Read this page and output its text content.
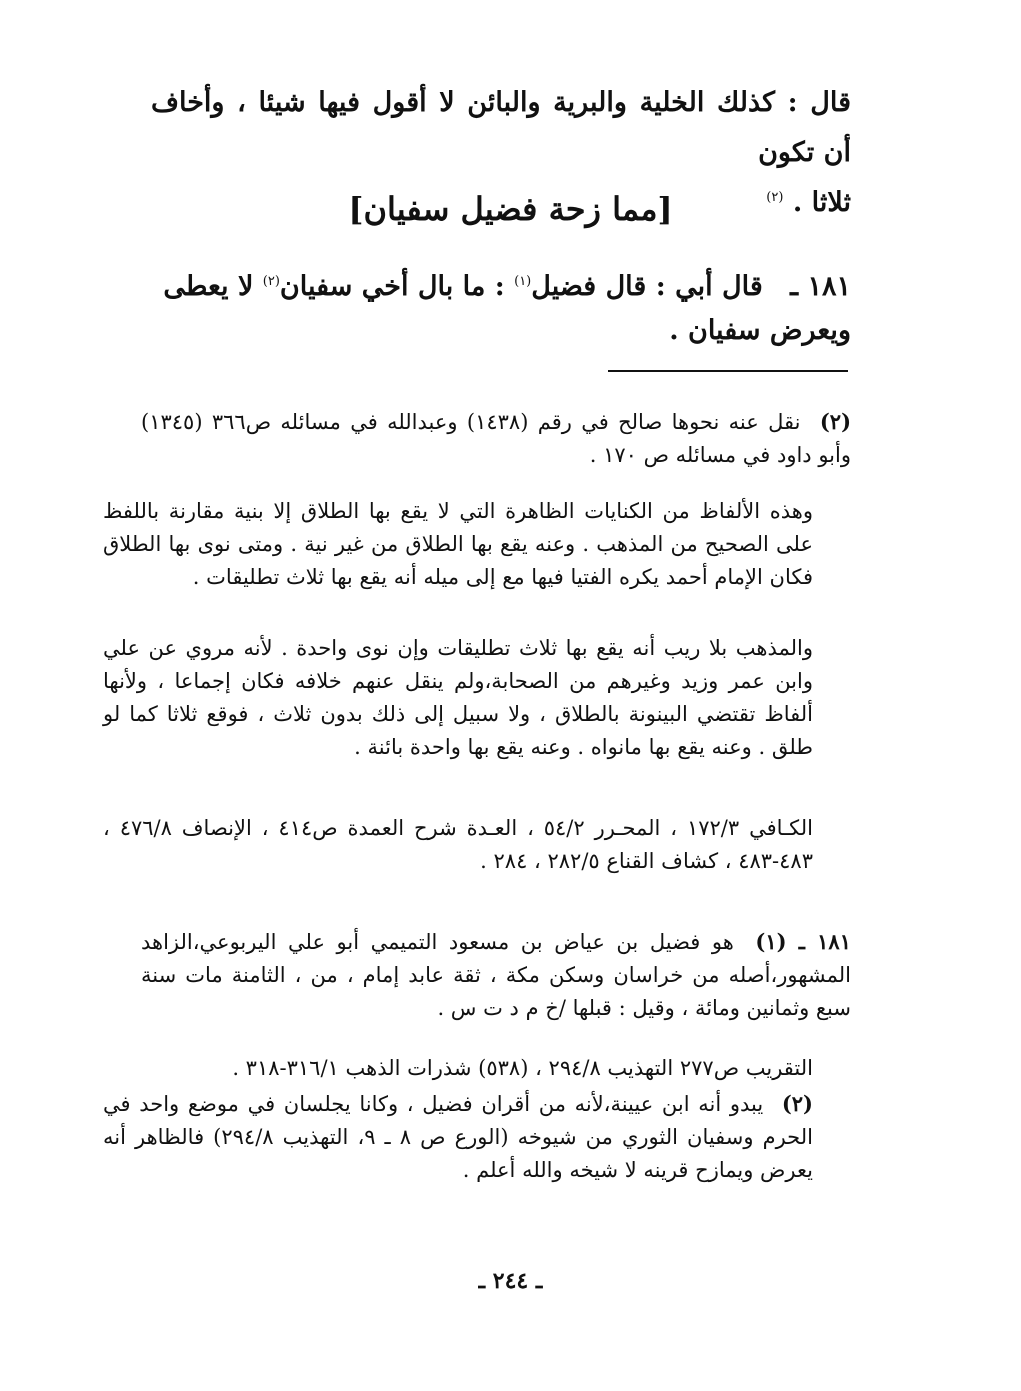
قال : كذلك الخلية والبرية والبائن لا أقول فيها شيئا ، وأخاف أن تكون
ثلاثا . $^{(٢)}$
[مما زحة فضيل سفيان]
١٨١ ـ قال أبي : قال فضيل$^{(١)}$ : ما بال أخي سفيان$^{(٢)}$ لا يعطى ويعرض سفيان .

(٢) نقل عنه نحوها صالح في رقم (١٤٣٨) وعبدالله في مسائله ص٣٦٦ (١٣٤٥) وأبو داود في مسائله ص ١٧٠ .

وهذه الألفاظ من الكنايات الظاهرة التي لا يقع بها الطلاق إلا بنية مقارنة باللفظ على الصحيح من المذهب . وعنه يقع بها الطلاق من غير نية . ومتى نوى بها الطلاق فكان الإمام أحمد يكره الفتيا فيها مع إلى ميله أنه يقع بها ثلاث تطليقات .

والمذهب بلا ريب أنه يقع بها ثلاث تطليقات وإن نوى واحدة . لأنه مروي عن علي وابن عمر وزيد وغيرهم من الصحابة،ولم ينقل عنهم خلافه فكان إجماعا ، ولأنها ألفاظ تقتضي البينونة بالطلاق ، ولا سبيل إلى ذلك بدون ثلاث ، فوقع ثلاثا كما لو طلق . وعنه يقع بها مانواه . وعنه يقع بها واحدة بائنة .

الكـافي ١٧٢/٣ ، المحـرر ٥٤/٢ ، العـدة شرح العمدة ص٤١٤ ، الإنصاف ٤٧٦/٨ ، ٤٨٣-٤٨٣ ، كشاف القناع ٢٨٢/٥ ، ٢٨٤ .

١٨١ ـ (١) هو فضيل بن عياض بن مسعود التميمي أبو علي اليربوعي،الزاهد المشهور،أصله من خراسان وسكن مكة ، ثقة عابد إمام ، من ، الثامنة مات سنة سبع وثمانين ومائة ، وقيل : قبلها /خ م د ت س .

التقريب ص٢٧٧ التهذيب ٢٩٤/٨ ، (٥٣٨) شذرات الذهب ٣١٦/١-٣١٨ .

(٢) يبدو أنه ابن عيينة،لأنه من أقران فضيل ، وكانا يجلسان في موضع واحد في الحرم وسفيان الثوري من شيوخه (الورع ص ٨ ـ ٩، التهذيب ٢٩٤/٨) فالظاهر أنه يعرض ويمازح قرينه لا شيخه والله أعلم .

ـ ٢٤٤ ـ
